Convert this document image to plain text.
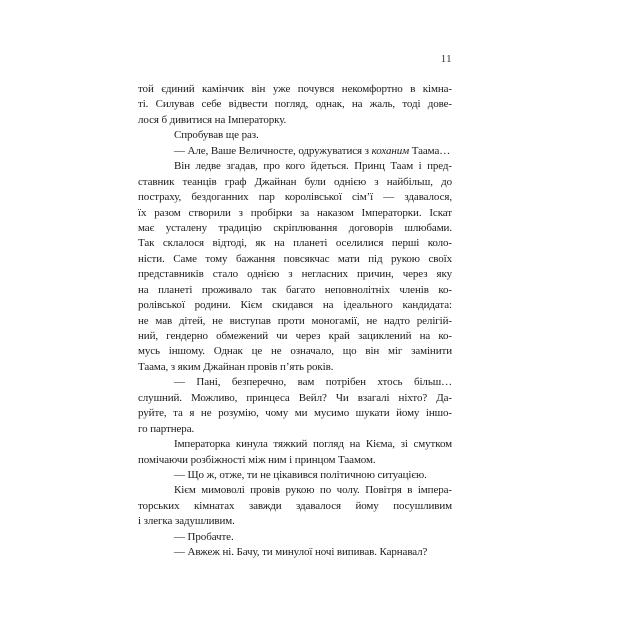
11
той єдиний камінчик він уже почувся некомфортно в кімна-
ті. Силував себе відвести погляд, однак, на жаль, тоді дове-
лося б дивитися на Імператорку.
Спробував ще раз.
— Але, Ваше Величносте, одружуватися з коханим Таама…
Він ледве згадав, про кого йдеться. Принц Таам і пред-
ставник теанців граф Джайнан були однією з найбільш, до
постраху, бездоганних пар королівської сім’ї — здавалося,
їх разом створили з пробірки за наказом Імператорки. Іскат
має усталену традицію скріплювання договорів шлюбами.
Так склалося відтоді, як на планеті оселилися перші коло-
ністи. Саме тому бажання повсякчас мати під рукою своїх
представників стало однією з негласних причин, через яку
на планеті проживало так багато неповнолітніх членів ко-
ролівської родини. Кієм скидався на ідеального кандидата:
не мав дітей, не виступав проти моногамії, не надто релігій-
ний, гендерно обмежений чи через край зациклений на ко-
мусь іншому. Однак це не означало, що він міг замінити
Таама, з яким Джайнан провів п’ять років.
— Пані, безперечно, вам потрібен хтось більш…
слушний. Можливо, принцеса Вейл? Чи взагалі ніхто? Да-
руйте, та я не розумію, чому ми мусимо шукати йому іншо-
го партнера.
Імператорка кинула тяжкий погляд на Кієма, зі смутком
помічаючи розбіжності між ним і принцом Таамом.
— Що ж, отже, ти не цікавився політичною ситуацією.
Кієм мимоволі провів рукою по чолу. Повітря в імпера-
торських кімнатах завжди здавалося йому посушливим
і злегка задушливим.
— Пробачте.
— Авжеж ні. Бачу, ти минулої ночі випивав. Карнавал?
